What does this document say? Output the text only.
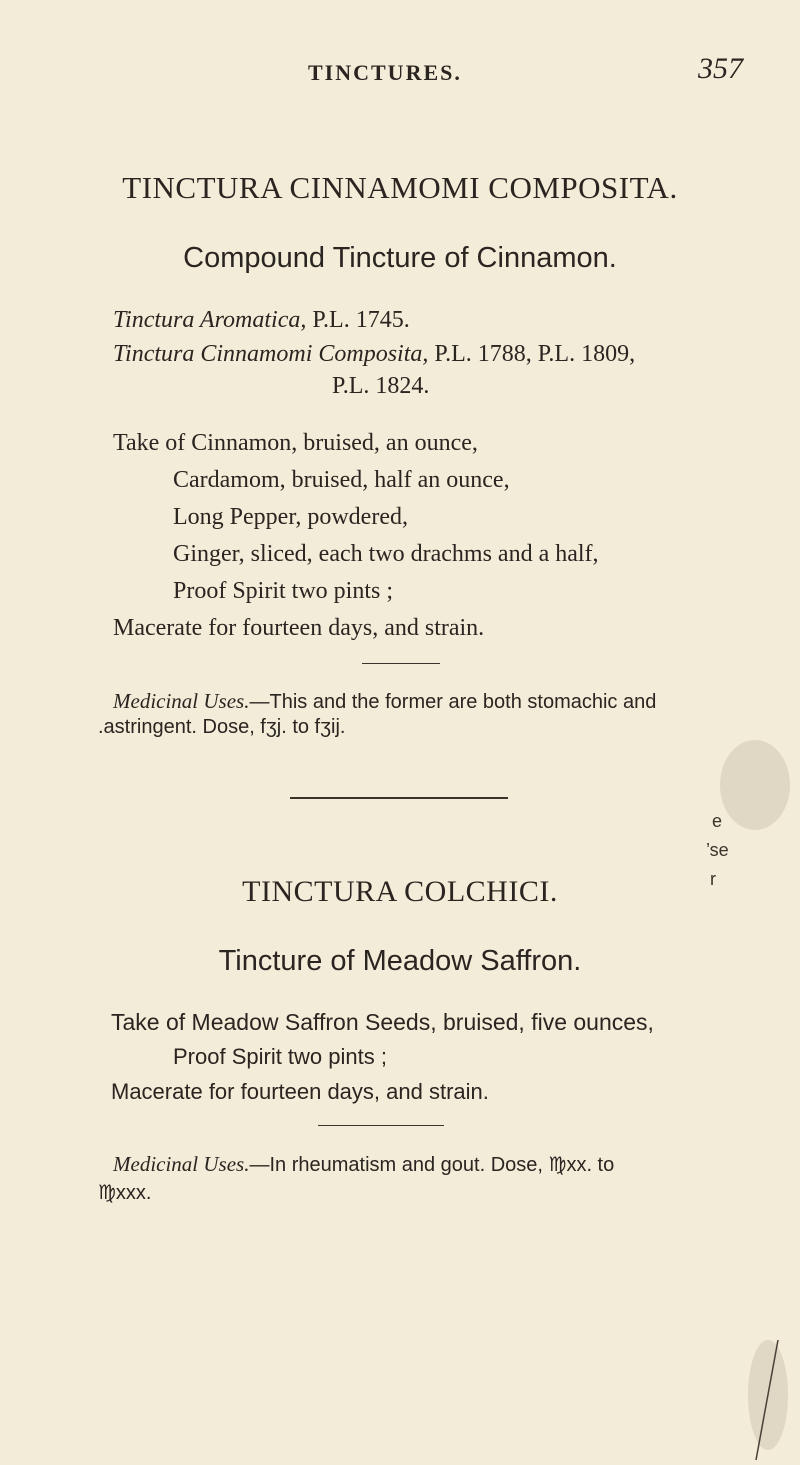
TINCTURES.	357
TINCTURA CINNAMOMI COMPOSITA.
Compound Tincture of Cinnamon.
Tinctura Aromatica, P.L. 1745.
Tinctura Cinnamomi Composita, P.L. 1788, P.L. 1809,
P.L. 1824.
Take of Cinnamon, bruised, an ounce,
Cardamom, bruised, half an ounce,
Long Pepper, powdered,
Ginger, sliced, each two drachms and a half,
Proof Spirit two pints ;
Macerate for fourteen days, and strain.
Medicinal Uses.—This and the former are both stomachic and
.astringent. Dose, fʒj. to fʒij.
e
’se
r
TINCTURA COLCHICI.
Tincture of Meadow Saffron.
Take of Meadow Saffron Seeds, bruised, five ounces,
Proof Spirit two pints ;
Macerate for fourteen days, and strain.
Medicinal Uses.—In rheumatism and gout. Dose, ♍xx. to
♍xxx.
